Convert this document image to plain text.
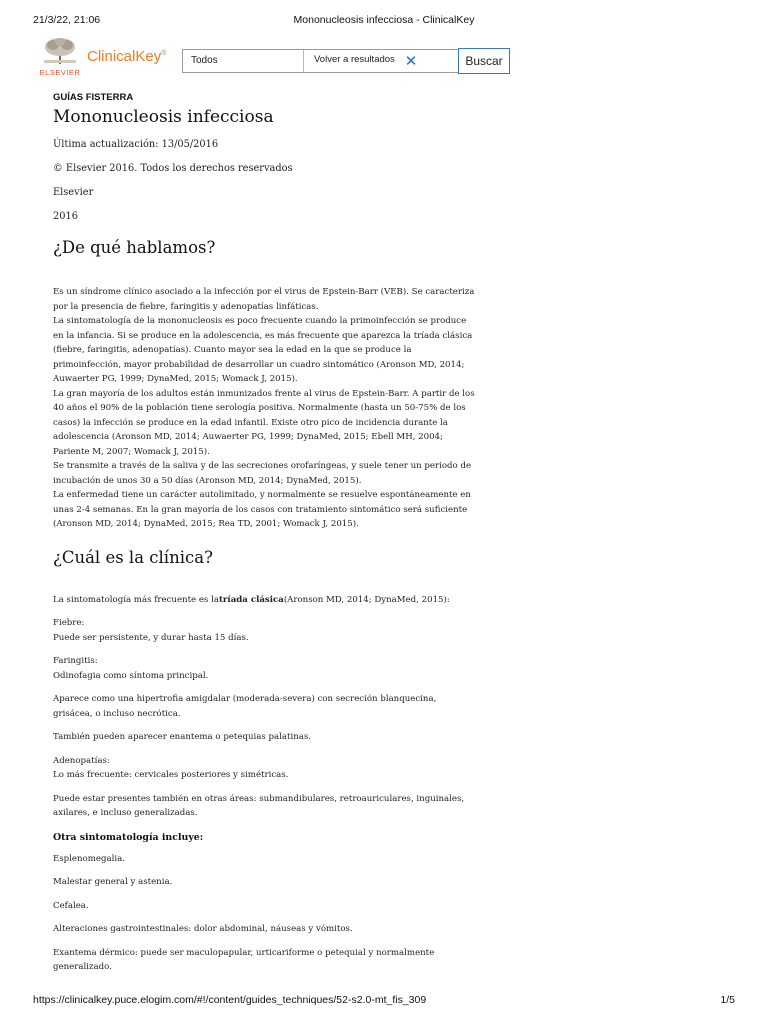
21/3/22, 21:06	Mononucleosis infecciosa - ClinicalKey
ELSEVIER
ClinicalKey®
Todos	Volver a resultados ✕	Buscar

GUÍAS FISTERRA

Mononucleosis infecciosa

Última actualización: 13/05/2016

© Elsevier 2016. Todos los derechos reservados

Elsevier

2016

¿De qué hablamos?
Es un síndrome clínico asociado a la infección por el virus de Epstein-Barr (VEB). Se caracteriza
por la presencia de fiebre, faringitis y adenopatías linfáticas.
La sintomatología de la mononucleosis es poco frecuente cuando la primoinfección se produce
en la infancia. Si se produce en la adolescencia, es más frecuente que aparezca la tríada clásica
(fiebre, faringitis, adenopatías). Cuanto mayor sea la edad en la que se produce la
primoinfección, mayor probabilidad de desarrollar un cuadro sintomático (Aronson MD, 2014;
Auwaerter PG, 1999; DynaMed, 2015; Womack J, 2015).
La gran mayoría de los adultos están inmunizados frente al virus de Epstein-Barr. A partir de los
40 años el 90% de la población tiene serología positiva. Normalmente (hasta un 50-75% de los
casos) la infección se produce en la edad infantil. Existe otro pico de incidencia durante la
adolescencia (Aronson MD, 2014; Auwaerter PG, 1999; DynaMed, 2015; Ebell MH, 2004;
Pariente M, 2007; Womack J, 2015).
Se transmite a través de la saliva y de las secreciones orofaríngeas, y suele tener un periodo de
incubación de unos 30 a 50 días (Aronson MD, 2014; DynaMed, 2015).
La enfermedad tiene un carácter autolimitado, y normalmente se resuelve espontáneamente en
unas 2-4 semanas. En la gran mayoría de los casos con tratamiento sintomático será suficiente
(Aronson MD, 2014; DynaMed, 2015; Rea TD, 2001; Womack J, 2015).
¿Cuál es la clínica?

La sintomatología más frecuente es latríada clásica(Aronson MD, 2014; DynaMed, 2015):

Fiebre:
Puede ser persistente, y durar hasta 15 días.

Faringitis:
Odinofagia como síntoma principal.

Aparece como una hipertrofia amigdalar (moderada-severa) con secreción blanquecina,
grisácea, o incluso necrótica.

También pueden aparecer enantema o petequias palatinas.

Adenopatías:
Lo más frecuente: cervicales posteriores y simétricas.

Puede estar presentes también en otras áreas: submandibulares, retroauriculares, inguinales,
axilares, e incluso generalizadas.

Otra sintomatología incluye:

Esplenomegalia.

Malestar general y astenia.

Cefalea.

Alteraciones gastrointestinales: dolor abdominal, náuseas y vómitos.

Exantema dérmico: puede ser maculopapular, urticariforme o petequial y normalmente
generalizado.

https://clinicalkey.puce.elogim.com/#!/content/guides_techniques/52-s2.0-mt_fis_309	1/5
